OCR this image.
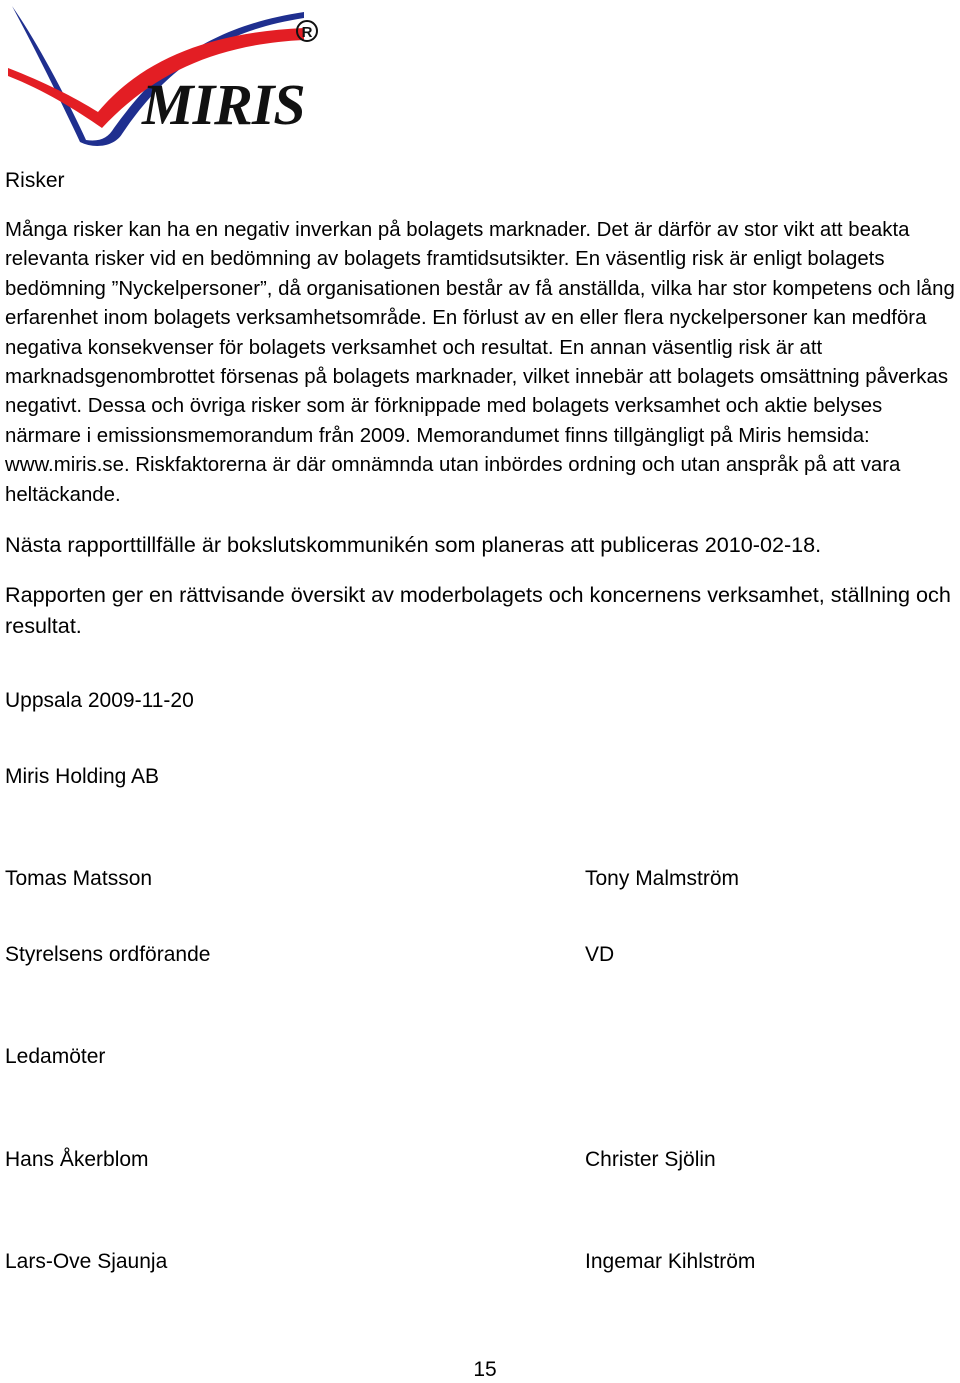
MIRIS
R
Risker
Många risker kan ha en negativ inverkan på bolagets marknader. Det är därför av stor vikt att beakta relevanta risker vid en bedömning av bolagets framtidsutsikter. En väsentlig risk är enligt bolagets bedömning ”Nyckelpersoner”, då organisationen består av få anställda, vilka har stor kompetens och lång erfarenhet inom bolagets verksamhetsområde. En förlust av en eller flera nyckelpersoner kan medföra negativa konsekvenser för bolagets verksamhet och resultat. En annan väsentlig risk är att marknadsgenombrottet försenas på bolagets marknader, vilket innebär att bolagets omsättning påverkas negativt. Dessa och övriga risker som är förknippade med bolagets verksamhet och aktie belyses närmare i emissionsmemorandum från 2009. Memorandumet finns tillgängligt på Miris hemsida: www.miris.se. Riskfaktorerna är där omnämnda utan inbördes ordning och utan anspråk på att vara heltäckande.
Nästa rapporttillfälle är bokslutskommunikén som planeras att publiceras 2010-02-18.
Rapporten ger en rättvisande översikt av moderbolagets och koncernens verksamhet, ställning och resultat.
Uppsala 2009-11-20
Miris Holding AB
Tomas Matsson	Tony Malmström
Styrelsens ordförande	VD
Ledamöter
Hans Åkerblom	Christer Sjölin
Lars-Ove Sjaunja	Ingemar Kihlström
15
